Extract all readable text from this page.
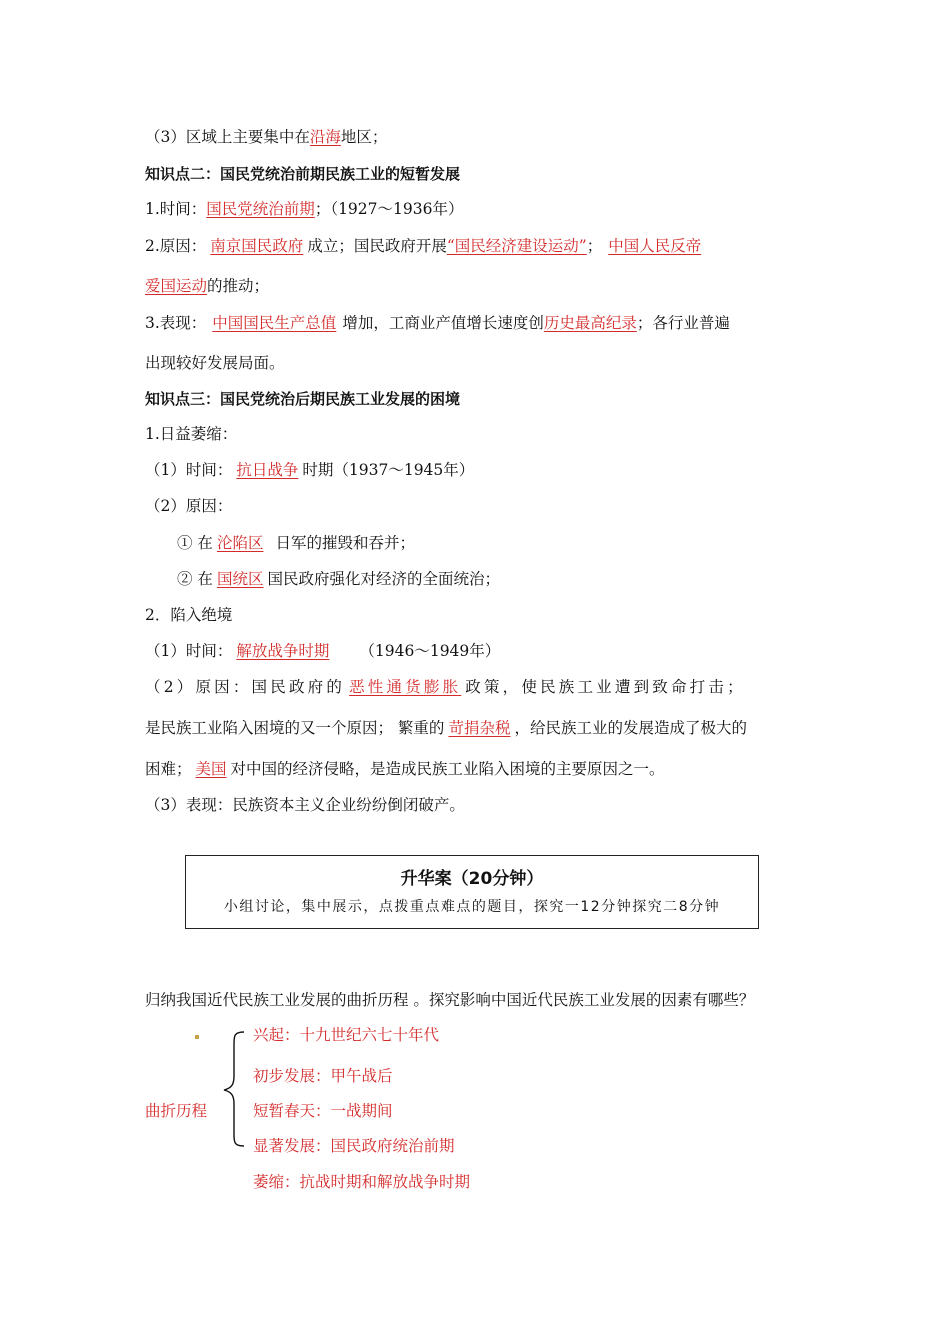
（3）区域上主要集中在沿海地区；
知识点二：国民党统治前期民族工业的短暂发展
1.时间：国民党统治前期；（1927～1936年）
2.原因： 南京国民政府 成立；国民政府开展“国民经济建设运动”； 中国人民反帝
爱国运动的推动；
3.表现： 中国国民生产总值 增加，工商业产值增长速度创历史最高纪录；各行业普遍
出现较好发展局面。
知识点三：国民党统治后期民族工业发展的困境
1.日益萎缩：
（1）时间： 抗日战争 时期（1937～1945年）
（2）原因：
① 在 沦陷区 日军的摧毁和吞并；
② 在 国统区 国民政府强化对经济的全面统治；
2．陷入绝境
（1）时间： 解放战争时期 （1946～1949年）
（2）原因：国民政府的 恶性通货膨胀 政策，使民族工业遭到致命打击；
是民族工业陷入困境的又一个原因； 繁重的 苛捐杂税 ，给民族工业的发展造成了极大的
困难； 美国 对中国的经济侵略，是造成民族工业陷入困境的主要原因之一。
（3）表现：民族资本主义企业纷纷倒闭破产。
升华案（20分钟）
小组讨论，集中展示，点拨重点难点的题目，探究一12分钟探究二8分钟
归纳我国近代民族工业发展的曲折历程 。探究影响中国近代民族工业发展的因素有哪些？
曲折历程
兴起：十九世纪六七十年代
初步发展：甲午战后
短暂春天：一战期间
显著发展：国民政府统治前期
萎缩：抗战时期和解放战争时期
